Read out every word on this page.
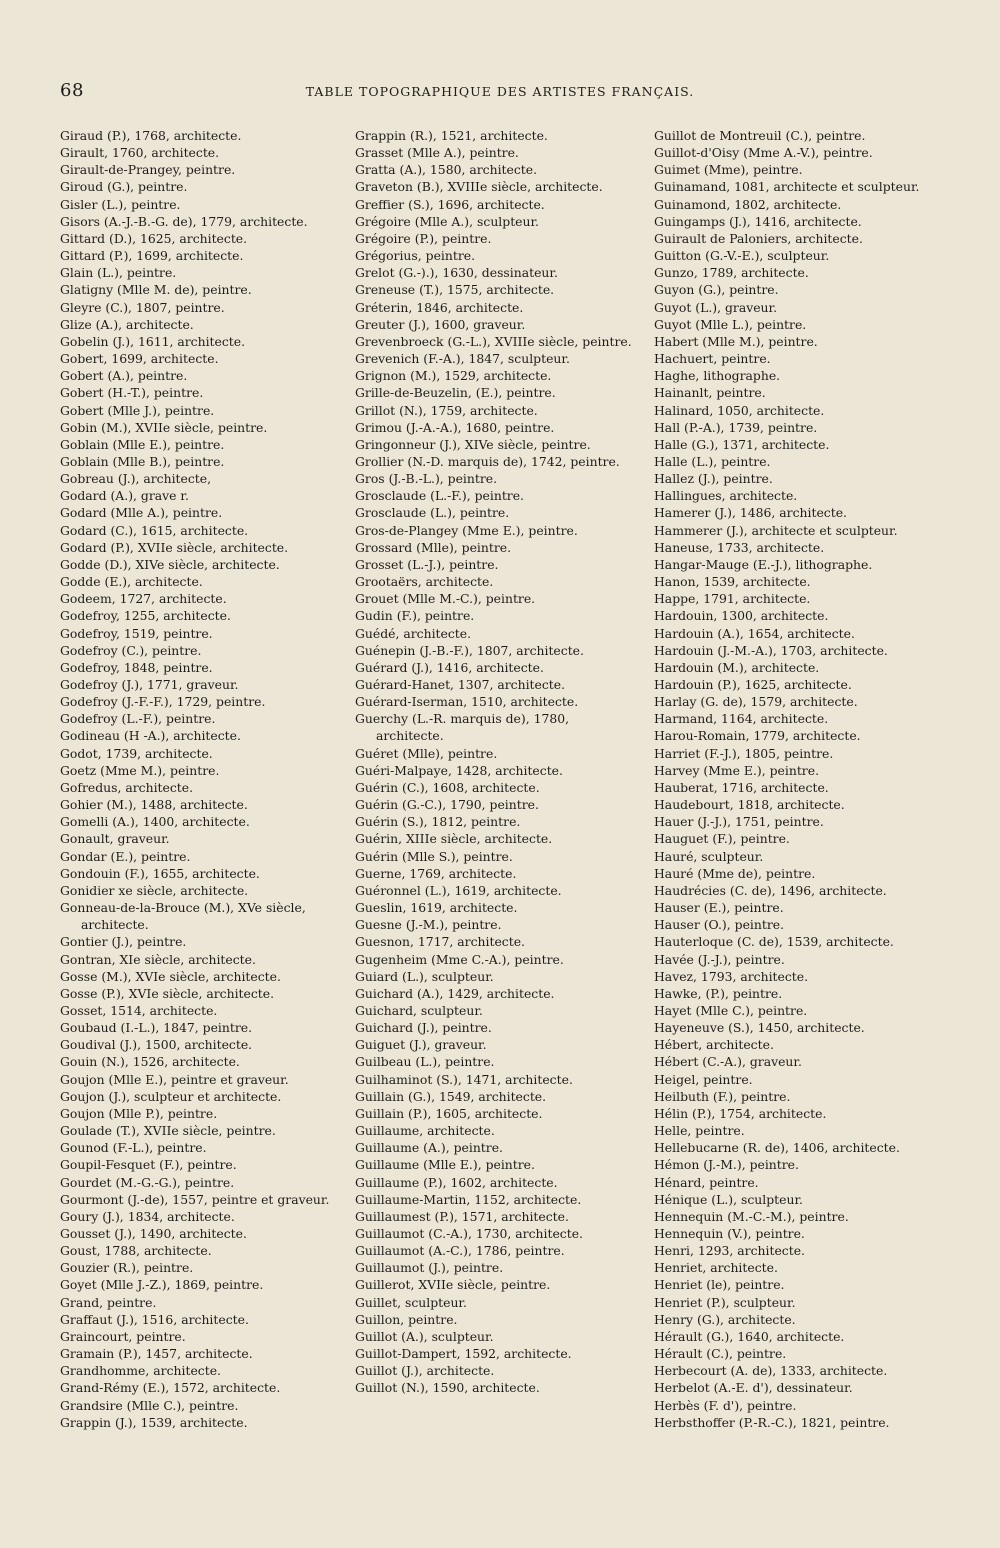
68	TABLE TOPOGRAPHIQUE DES ARTISTES FRANÇAIS.
Giraud (P.), 1768, architecte.
Girault, 1760, architecte.
Girault-de-Prangey, peintre.
Giroud (G.), peintre.
Gisler (L.), peintre.
Gisors (A.-J.-B.-G. de), 1779, architecte.
Gittard (D.), 1625, architecte.
Gittard (P.), 1699, architecte.
Glain (L.), peintre.
Glatigny (Mlle M. de), peintre.
Gleyre (C.), 1807, peintre.
Glize (A.), architecte.
Gobelin (J.), 1611, architecte.
Gobert, 1699, architecte.
Gobert (A.), peintre.
Gobert (H.-T.), peintre.
Gobert (Mlle J.), peintre.
Gobin (M.), XVIIe siècle, peintre.
Goblain (Mlle E.), peintre.
Goblain (Mlle B.), peintre.
Gobreau (J.), architecte,
Godard (A.), grave r.
Godard (Mlle A.), peintre.
Godard (C.), 1615, architecte.
Godard (P.), XVIIe siècle, architecte.
Godde (D.), XIVe siècle, architecte.
Godde (E.), architecte.
Godeem, 1727, architecte.
Godefroy, 1255, architecte.
Godefroy, 1519, peintre.
Godefroy (C.), peintre.
Godefroy, 1848, peintre.
Godefroy (J.), 1771, graveur.
Godefroy (J.-F.-F.), 1729, peintre.
Godefroy (L.-F.), peintre.
Godineau (H -A.), architecte.
Godot, 1739, architecte.
Goetz (Mme M.), peintre.
Gofredus, architecte.
Gohier (M.), 1488, architecte.
Gomelli (A.), 1400, architecte.
Gonault, graveur.
Gondar (E.), peintre.
Gondouin (F.), 1655, architecte.
Gonidier xe siècle, architecte.
Gonneau-de-la-Brouce (M.), XVe siècle, architecte.
Gontier (J.), peintre.
Gontran, XIe siècle, architecte.
Gosse (M.), XVIe siècle, architecte.
Gosse (P.), XVIe siècle, architecte.
Gosset, 1514, architecte.
Goubaud (I.-L.), 1847, peintre.
Goudival (J.), 1500, architecte.
Gouin (N.), 1526, architecte.
Goujon (Mlle E.), peintre et graveur.
Goujon (J.), sculpteur et architecte.
Goujon (Mlle P.), peintre.
Goulade (T.), XVIIe siècle, peintre.
Gounod (F.-L.), peintre.
Goupil-Fesquet (F.), peintre.
Gourdet (M.-G.-G.), peintre.
Gourmont (J.-de), 1557, peintre et graveur.
Goury (J.), 1834, architecte.
Gousset (J.), 1490, architecte.
Goust, 1788, architecte.
Gouzier (R.), peintre.
Goyet (Mlle J.-Z.), 1869, peintre.
Grand, peintre.
Graffaut (J.), 1516, architecte.
Graincourt, peintre.
Gramain (P.), 1457, architecte.
Grandhomme, architecte.
Grand-Rémy (E.), 1572, architecte.
Grandsire (Mlle C.), peintre.
Grappin (J.), 1539, architecte.
Grappin (R.), 1521, architecte.
Grasset (Mlle A.), peintre.
Gratta (A.), 1580, architecte.
Graveton (B.), XVIIIe siècle, architecte.
Greffier (S.), 1696, architecte.
Grégoire (Mlle A.), sculpteur.
Grégoire (P.), peintre.
Grégorius, peintre.
Grelot (G.-).), 1630, dessinateur.
Greneuse (T.), 1575, architecte.
Gréterin, 1846, architecte.
Greuter (J.), 1600, graveur.
Grevenbroeck (G.-L.), XVIIIe siècle, peintre.
Grevenich (F.-A.), 1847, sculpteur.
Grignon (M.), 1529, architecte.
Grille-de-Beuzelin, (E.), peintre.
Grillot (N.), 1759, architecte.
Grimou (J.-A.-A.), 1680, peintre.
Gringonneur (J.), XIVe siècle, peintre.
Grollier (N.-D. marquis de), 1742, peintre.
Gros (J.-B.-L.), peintre.
Grosclaude (L.-F.), peintre.
Grosclaude (L.), peintre.
Gros-de-Plangey (Mme E.), peintre.
Grossard (Mlle), peintre.
Grosset (L.-J.), peintre.
Grootaërs, architecte.
Grouet (Mlle M.-C.), peintre.
Gudin (F.), peintre.
Guédé, architecte.
Guénepin (J.-B.-F.), 1807, architecte.
Guérard (J.), 1416, architecte.
Guérard-Hanet, 1307, architecte.
Guérard-Iserman, 1510, architecte.
Guerchy (L.-R. marquis de), 1780, architecte.
Guéret (Mlle), peintre.
Guéri-Malpaye, 1428, architecte.
Guérin (C.), 1608, architecte.
Guérin (G.-C.), 1790, peintre.
Guérin (S.), 1812, peintre.
Guérin, XIIIe siècle, architecte.
Guérin (Mlle S.), peintre.
Guerne, 1769, architecte.
Guéronnel (L.), 1619, architecte.
Gueslin, 1619, architecte.
Guesne (J.-M.), peintre.
Guesnon, 1717, architecte.
Gugenheim (Mme C.-A.), peintre.
Guiard (L.), sculpteur.
Guichard (A.), 1429, architecte.
Guichard, sculpteur.
Guichard (J.), peintre.
Guiguet (J.), graveur.
Guilbeau (L.), peintre.
Guilhaminot (S.), 1471, architecte.
Guillain (G.), 1549, architecte.
Guillain (P.), 1605, architecte.
Guillaume, architecte.
Guillaume (A.), peintre.
Guillaume (Mlle E.), peintre.
Guillaume (P.), 1602, architecte.
Guillaume-Martin, 1152, architecte.
Guillaumest (P.), 1571, architecte.
Guillaumot (C.-A.), 1730, architecte.
Guillaumot (A.-C.), 1786, peintre.
Guillaumot (J.), peintre.
Guillerot, XVIIe siècle, peintre.
Guillet, sculpteur.
Guillon, peintre.
Guillot (A.), sculpteur.
Guillot-Dampert, 1592, architecte.
Guillot (J.), architecte.
Guillot (N.), 1590, architecte.
Guillot de Montreuil (C.), peintre.
Guillot-d'Oisy (Mme A.-V.), peintre.
Guimet (Mme), peintre.
Guinamand, 1081, architecte et sculpteur.
Guinamond, 1802, architecte.
Guingamps (J.), 1416, architecte.
Guirault de Paloniers, architecte.
Guitton (G.-V.-E.), sculpteur.
Gunzo, 1789, architecte.
Guyon (G.), peintre.
Guyot (L.), graveur.
Guyot (Mlle L.), peintre.
Habert (Mlle M.), peintre.
Hachuert, peintre.
Haghe, lithographe.
Hainanlt, peintre.
Halinard, 1050, architecte.
Hall (P.-A.), 1739, peintre.
Halle (G.), 1371, architecte.
Halle (L.), peintre.
Hallez (J.), peintre.
Hallingues, architecte.
Hamerer (J.), 1486, architecte.
Hammerer (J.), architecte et sculpteur.
Haneuse, 1733, architecte.
Hangar-Mauge (E.-J.), lithographe.
Hanon, 1539, architecte.
Happe, 1791, architecte.
Hardouin, 1300, architecte.
Hardouin (A.), 1654, architecte.
Hardouin (J.-M.-A.), 1703, architecte.
Hardouin (M.), architecte.
Hardouin (P.), 1625, architecte.
Harlay (G. de), 1579, architecte.
Harmand, 1164, architecte.
Harou-Romain, 1779, architecte.
Harriet (F.-J.), 1805, peintre.
Harvey (Mme E.), peintre.
Hauberat, 1716, architecte.
Haudebourt, 1818, architecte.
Hauer (J.-J.), 1751, peintre.
Hauguet (F.), peintre.
Hauré, sculpteur.
Hauré (Mme de), peintre.
Haudrécies (C. de), 1496, architecte.
Hauser (E.), peintre.
Hauser (O.), peintre.
Hauterloque (C. de), 1539, architecte.
Havée (J.-J.), peintre.
Havez, 1793, architecte.
Hawke, (P.), peintre.
Hayet (Mlle C.), peintre.
Hayeneuve (S.), 1450, architecte.
Hébert, architecte.
Hébert (C.-A.), graveur.
Heigel, peintre.
Heilbuth (F.), peintre.
Hélin (P.), 1754, architecte.
Helle, peintre.
Hellebucarne (R. de), 1406, architecte.
Hémon (J.-M.), peintre.
Hénard, peintre.
Hénique (L.), sculpteur.
Hennequin (M.-C.-M.), peintre.
Hennequin (V.), peintre.
Henri, 1293, architecte.
Henriet, architecte.
Henriet (le), peintre.
Henriet (P.), sculpteur.
Henry (G.), architecte.
Hérault (G.), 1640, architecte.
Hérault (C.), peintre.
Herbecourt (A. de), 1333, architecte.
Herbelot (A.-E. d'), dessinateur.
Herbès (F. d'), peintre.
Herbsthoffer (P.-R.-C.), 1821, peintre.
